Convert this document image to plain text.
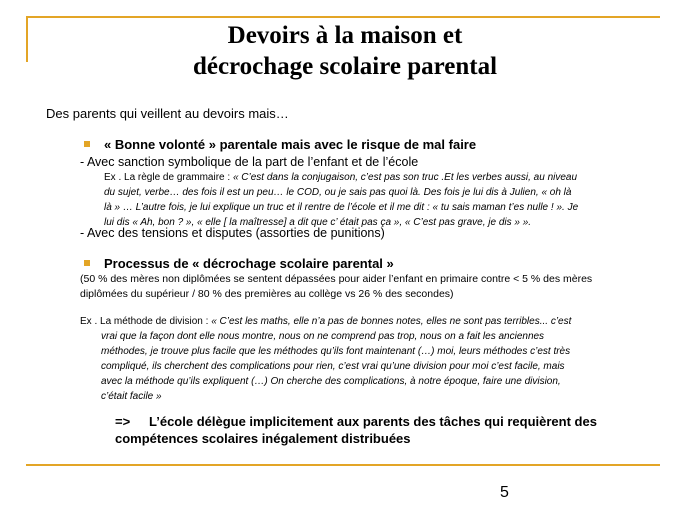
Devoirs à la maison et
décrochage scolaire parental
Des parents qui veillent au devoirs mais…
« Bonne volonté » parentale mais avec le risque de mal faire
- Avec sanction symbolique de la part de l’enfant et de l’école
Ex . La règle de grammaire : « C’est dans la conjugaison, c’est pas son truc .Et les verbes aussi, au niveau
du sujet, verbe… des fois il est un peu… le COD, ou je sais pas quoi là. Des fois je lui dis à Julien, « oh là
là » … L’autre fois, je lui explique un truc et il rentre de l’école et il me dit : « tu sais maman t’es nulle ! ». Je
lui dis « Ah, bon ? », « elle [ la maîtresse] a dit que c’ était pas ça », « C’est pas grave, je dis » ».
- Avec des tensions et disputes (assorties de punitions)
Processus de « décrochage scolaire parental »
(50 % des mères non diplômées se sentent dépassées pour aider l’enfant en primaire contre < 5 % des mères
diplômées du supérieur / 80 % des premières au collège vs 26 % des secondes)
Ex . La méthode de division : « C’est les maths, elle n’a pas de bonnes notes, elles ne sont pas terribles... c’est
vrai que la façon dont elle nous montre, nous on ne comprend pas trop, nous on a fait les anciennes
méthodes, je trouve plus facile que les méthodes qu’ils font maintenant (…) moi, leurs méthodes c’est très
compliqué, ils cherchent des complications pour rien, c’est vrai qu’une division pour moi c’est facile, mais
avec la méthode qu’ils expliquent (…) On cherche des complications, à notre époque, faire une division,
c’était facile »
=> L’école délègue implicitement aux parents des tâches qui requièrent des
compétences scolaires inégalement distribuées
5
